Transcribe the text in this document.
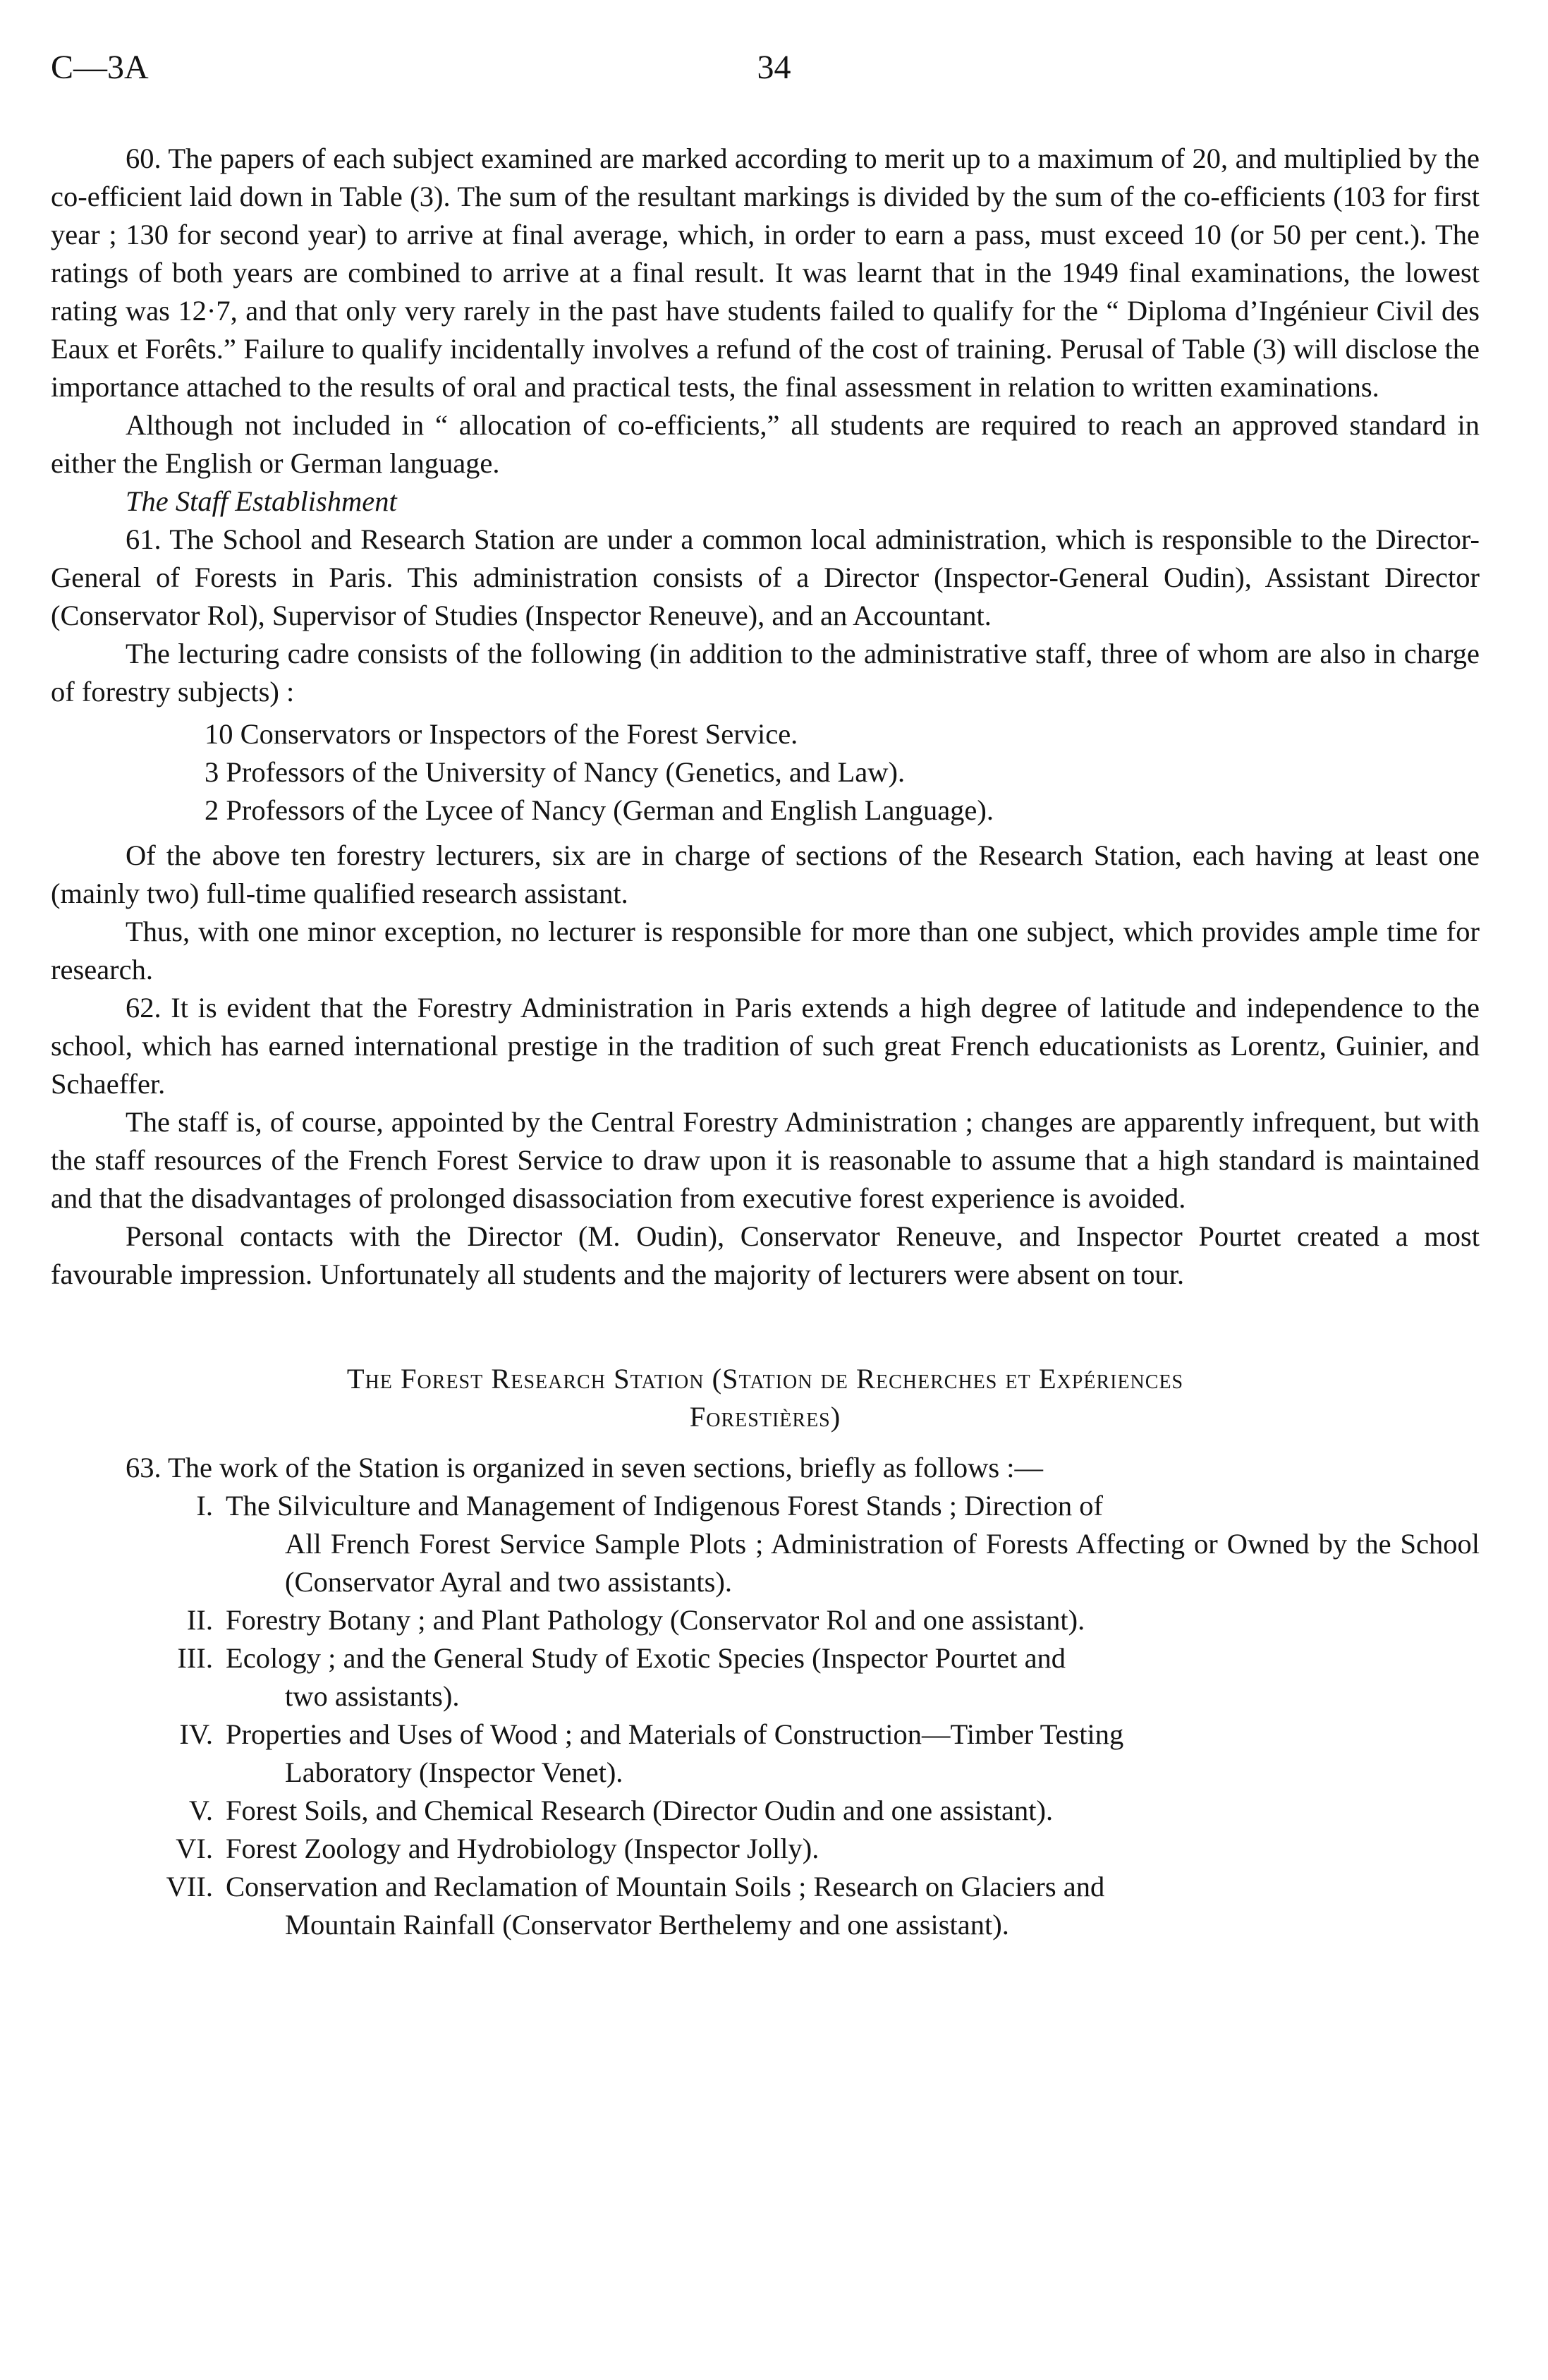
C—3A	34

60. The papers of each subject examined are marked according to merit up to a maximum of 20, and multiplied by the co-efficient laid down in Table (3). The sum of the resultant markings is divided by the sum of the co-efficients (103 for first year ; 130 for second year) to arrive at final average, which, in order to earn a pass, must exceed 10 (or 50 per cent.). The ratings of both years are combined to arrive at a final result. It was learnt that in the 1949 final examinations, the lowest rating was 12·7, and that only very rarely in the past have students failed to qualify for the “ Diploma d’Ingénieur Civil des Eaux et Forêts.” Failure to qualify incidentally involves a refund of the cost of training. Perusal of Table (3) will disclose the importance attached to the results of oral and practical tests, the final assessment in relation to written examinations.

Although not included in “ allocation of co-efficients,” all students are required to reach an approved standard in either the English or German language.

The Staff Establishment

61. The School and Research Station are under a common local administration, which is responsible to the Director-General of Forests in Paris. This administration consists of a Director (Inspector-General Oudin), Assistant Director (Conservator Rol), Supervisor of Studies (Inspector Reneuve), and an Accountant.

The lecturing cadre consists of the following (in addition to the administrative staff, three of whom are also in charge of forestry subjects) :

10 Conservators or Inspectors of the Forest Service.
3 Professors of the University of Nancy (Genetics, and Law).
2 Professors of the Lycee of Nancy (German and English Language).

Of the above ten forestry lecturers, six are in charge of sections of the Research Station, each having at least one (mainly two) full-time qualified research assistant.

Thus, with one minor exception, no lecturer is responsible for more than one subject, which provides ample time for research.

62. It is evident that the Forestry Administration in Paris extends a high degree of latitude and independence to the school, which has earned international prestige in the tradition of such great French educationists as Lorentz, Guinier, and Schaeffer.

The staff is, of course, appointed by the Central Forestry Administration ; changes are apparently infrequent, but with the staff resources of the French Forest Service to draw upon it is reasonable to assume that a high standard is maintained and that the disadvantages of prolonged disassociation from executive forest experience is avoided.

Personal contacts with the Director (M. Oudin), Conservator Reneuve, and Inspector Pourtet created a most favourable impression. Unfortunately all students and the majority of lecturers were absent on tour.

The Forest Research Station (Station de Recherches et Expériences
Forestières)

63. The work of the Station is organized in seven sections, briefly as follows :—

I. The Silviculture and Management of Indigenous Forest Stands ; Direction of
All French Forest Service Sample Plots ; Administration of Forests Affecting or Owned by the School (Conservator Ayral and two assistants).
II. Forestry Botany ; and Plant Pathology (Conservator Rol and one assistant).
III. Ecology ; and the General Study of Exotic Species (Inspector Pourtet and
two assistants).
IV. Properties and Uses of Wood ; and Materials of Construction—Timber Testing
Laboratory (Inspector Venet).
V. Forest Soils, and Chemical Research (Director Oudin and one assistant).
VI. Forest Zoology and Hydrobiology (Inspector Jolly).
VII. Conservation and Reclamation of Mountain Soils ; Research on Glaciers and
Mountain Rainfall (Conservator Berthelemy and one assistant).
